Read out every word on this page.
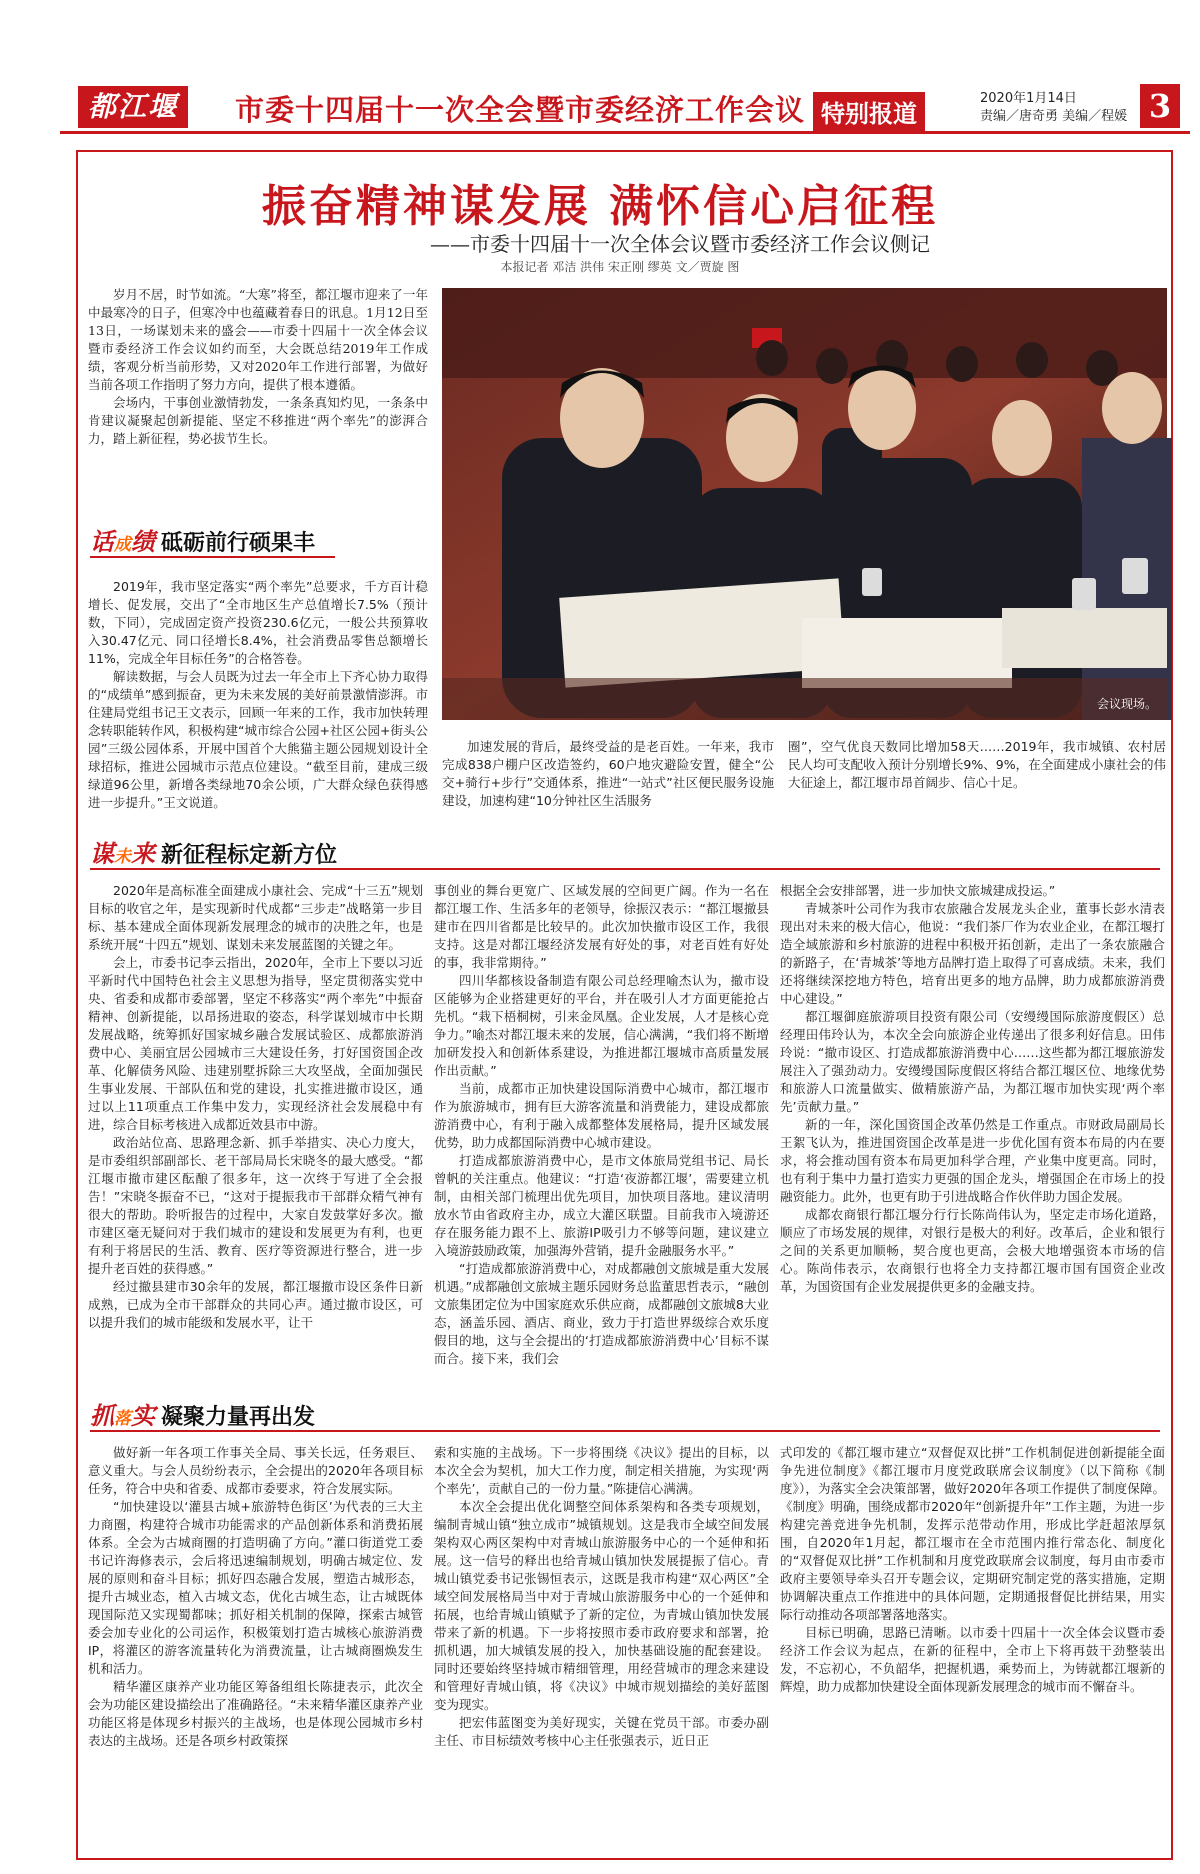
都江堰报
市委十四届十一次全会暨市委经济工作会议 特别报道
2020年1月14日
责编／唐奇勇 美编／程媛 3
振奋精神谋发展 满怀信心启征程
——市委十四届十一次全体会议暨市委经济工作会议侧记
本报记者 邓洁 洪伟 宋正刚 缪英 文／贾旋 图

岁月不居，时节如流。“大寒”将至，都江堰市迎来了一年中最寒冷的日子，但寒冷中也蕴藏着春日的讯息。1月12日至13日，一场谋划未来的盛会——市委十四届十一次全体会议暨市委经济工作会议如约而至，大会既总结2019年工作成绩，客观分析当前形势，又对2020年工作进行部署，为做好当前各项工作指明了努力方向，提供了根本遵循。

会场内，干事创业激情勃发，一条条真知灼见，一条条中肯建议凝聚起创新提能、坚定不移推进“两个率先”的澎湃合力，踏上新征程，势必拔节生长。

会议现场。
话成绩 砥砺前行硕果丰

2019年，我市坚定落实“两个率先”总要求，千方百计稳增长、促发展，交出了“全市地区生产总值增长7.5%（预计数，下同），完成固定资产投资230.6亿元，一般公共预算收入30.47亿元、同口径增长8.4%，社会消费品零售总额增长11%，完成全年目标任务”的合格答卷。

解读数据，与会人员既为过去一年全市上下齐心协力取得的“成绩单”感到振奋，更为未来发展的美好前景激情澎湃。市住建局党组书记王文表示，回顾一年来的工作，我市加快转理念转职能转作风，积极构建“城市综合公园+社区公园+街头公园”三级公园体系，开展中国首个大熊猫主题公园规划设计全球招标，推进公园城市示范点位建设。“截至目前，建成三级绿道96公里，新增各类绿地70余公顷，广大群众绿色获得感进一步提升。”王文说道。

加速发展的背后，最终受益的是老百姓。一年来，我市完成838户棚户区改造签约，60户地灾避险安置，健全“公交+骑行+步行”交通体系，推进“一站式”社区便民服务设施建设，加速构建“10分钟社区生活服务

圈”，空气优良天数同比增加58天……2019年，我市城镇、农村居民人均可支配收入预计分别增长9%、9%，在全面建成小康社会的伟大征途上，都江堰市昂首阔步、信心十足。

谋未来 新征程标定新方位

2020年是高标准全面建成小康社会、完成“十三五”规划目标的收官之年，是实现新时代成都“三步走”战略第一步目标、基本建成全面体现新发展理念的城市的决胜之年，也是系统开展“十四五”规划、谋划未来发展蓝图的关键之年。

会上，市委书记李云指出，2020年，全市上下要以习近平新时代中国特色社会主义思想为指导，坚定贯彻落实党中央、省委和成都市委部署，坚定不移落实“两个率先”中振奋精神、创新提能，以昂扬进取的姿态，科学谋划城市中长期发展战略，统筹抓好国家城乡融合发展试验区、成都旅游消费中心、美丽宜居公园城市三大建设任务，打好国资国企改革、化解债务风险、违建别墅拆除三大攻坚战，全面加强民生事业发展、干部队伍和党的建设，扎实推进撤市设区，通过以上11项重点工作集中发力，实现经济社会发展稳中有进，综合目标考核进入成都近效县市中游。

政治站位高、思路理念新、抓手举措实、决心力度大，是市委组织部副部长、老干部局局长宋晓冬的最大感受。“都江堰市撤市建区酝酿了很多年，这一次终于写进了全会报告！”宋晓冬振奋不已，“这对于提振我市干部群众精气神有很大的帮助。聆听报告的过程中，大家自发鼓掌好多次。撤市建区毫无疑问对于我们城市的建设和发展更为有利，也更有利于将居民的生活、教育、医疗等资源进行整合，进一步提升老百姓的获得感。”

经过撤县建市30余年的发展，都江堰撤市设区条件日新成熟，已成为全市干部群众的共同心声。通过撤市设区，可以提升我们的城市能级和发展水平，让干

事创业的舞台更宽广、区域发展的空间更广阔。作为一名在都江堰工作、生活多年的老领导，徐振汉表示：“都江堰撤县建市在四川省都是比较早的。此次加快撤市设区工作，我很支持。这是对都江堰经济发展有好处的事，对老百姓有好处的事，我非常期待。”

四川华都核设备制造有限公司总经理喻杰认为，撤市设区能够为企业搭建更好的平台，并在吸引人才方面更能抢占先机。“栽下梧桐树，引来金凤凰。企业发展，人才是核心竞争力。”喻杰对都江堰未来的发展，信心满满，“我们将不断增加研发投入和创新体系建设，为推进都江堰城市高质量发展作出贡献。”

当前，成都市正加快建设国际消费中心城市，都江堰市作为旅游城市，拥有巨大游客流量和消费能力，建设成都旅游消费中心，有利于融入成都整体发展格局，提升区域发展优势，助力成都国际消费中心城市建设。

打造成都旅游消费中心，是市文体旅局党组书记、局长曾帆的关注重点。他建议：“打造‘夜游都江堰’，需要建立机制，由相关部门梳理出优先项目，加快项目落地。建议清明放水节由省政府主办，成立大灌区联盟。目前我市入境游还存在服务能力跟不上、旅游IP吸引力不够等问题，建议建立入境游鼓励政策，加强海外营销，提升金融服务水平。”

“打造成都旅游消费中心，对成都融创文旅城是重大发展机遇。”成都融创文旅城主题乐园财务总监董思哲表示，“融创文旅集团定位为中国家庭欢乐供应商，成都融创文旅城8大业态，涵盖乐园、酒店、商业，致力于打造世界级综合欢乐度假目的地，这与全会提出的‘打造成都旅游消费中心’目标不谋而合。接下来，我们会

根据全会安排部署，进一步加快文旅城建成投运。”

青城茶叶公司作为我市农旅融合发展龙头企业，董事长彭水清表现出对未来的极大信心，他说：“我们茶厂作为农业企业，在都江堰打造全域旅游和乡村旅游的进程中积极开拓创新，走出了一条农旅融合的新路子，在‘青城茶’等地方品牌打造上取得了可喜成绩。未来，我们还将继续深挖地方特色，培育出更多的地方品牌，助力成都旅游消费中心建设。”

都江堰御庭旅游项目投资有限公司（安缦缦国际旅游度假区）总经理田伟玲认为，本次全会向旅游企业传递出了很多利好信息。田伟玲说：“撤市设区、打造成都旅游消费中心……这些都为都江堰旅游发展注入了强劲动力。安缦缦国际度假区将结合都江堰区位、地缘优势和旅游人口流量做实、做精旅游产品，为都江堰市加快实现‘两个率先’贡献力量。”

新的一年，深化国资国企改革仍然是工作重点。市财政局副局长王絮飞认为，推进国资国企改革是进一步优化国有资本布局的内在要求，将会推动国有资本布局更加科学合理，产业集中度更高。同时，也有利于集中力量打造实力更强的国企龙头，增强国企在市场上的投融资能力。此外，也更有助于引进战略合作伙伴助力国企发展。

成都农商银行都江堰分行行长陈尚伟认为，坚定走市场化道路，顺应了市场发展的规律，对银行是极大的利好。改革后，企业和银行之间的关系更加顺畅，契合度也更高，会极大地增强资本市场的信心。陈尚伟表示，农商银行也将全力支持都江堰市国有国资企业改革，为国资国有企业发展提供更多的金融支持。

抓落实 凝聚力量再出发

做好新一年各项工作事关全局、事关长远，任务艰巨、意义重大。与会人员纷纷表示，全会提出的2020年各项目标任务，符合中央和省委、成都市委要求，符合发展实际。

“加快建设以‘灌县古城+旅游特色街区’为代表的三大主力商圈，构建符合城市功能需求的产品创新体系和消费拓展体系。全会为古城商圈的打造明确了方向。”灌口街道党工委书记许海修表示，会后将迅速编制规划，明确古城定位、发展的原则和奋斗目标；抓好四态融合发展，塑造古城形态，提升古城业态，植入古城文态，优化古城生态，让古城既体现国际范又实现蜀都味；抓好相关机制的保障，探索古城管委会加专业化的公司运作，积极策划打造古城核心旅游消费IP，将灌区的游客流量转化为消费流量，让古城商圈焕发生机和活力。

精华灌区康养产业功能区筹备组组长陈捷表示，此次全会为功能区建设描绘出了准确路径。“未来精华灌区康养产业功能区将是体现乡村振兴的主战场，也是体现公园城市乡村表达的主战场。还是各项乡村政策探

索和实施的主战场。下一步将围绕《决议》提出的目标，以本次全会为契机，加大工作力度，制定相关措施，为实现‘两个率先’，贡献自己的一份力量。”陈捷信心满满。

本次全会提出优化调整空间体系架构和各类专项规划，编制青城山镇“独立成市”城镇规划。这是我市全域空间发展架构双心两区架构中对青城山旅游服务中心的一个延伸和拓展。这一信号的释出也给青城山镇加快发展提振了信心。青城山镇党委书记张锡恒表示，这既是我市构建“双心两区”全域空间发展格局当中对于青城山旅游服务中心的一个延伸和拓展，也给青城山镇赋予了新的定位，为青城山镇加快发展带来了新的机遇。下一步将按照市委市政府要求和部署，抢抓机遇，加大城镇发展的投入，加快基础设施的配套建设。同时还要始终坚持城市精细管理，用经营城市的理念来建设和管理好青城山镇，将《决议》中城市规划描绘的美好蓝图变为现实。

把宏伟蓝图变为美好现实，关键在党员干部。市委办副主任、市目标绩效考核中心主任张强表示，近日正

式印发的《都江堰市建立“双督促双比拼”工作机制促进创新提能全面争先进位制度》《都江堰市月度党政联席会议制度》（以下简称《制度》），为落实全会决策部署，做好2020年各项工作提供了制度保障。《制度》明确，围绕成都市2020年“创新提升年”工作主题，为进一步构建完善竞进争先机制，发挥示范带动作用，形成比学赶超浓厚氛围，自2020年1月起，都江堰市在全市范围内推行常态化、制度化的“双督促双比拼”工作机制和月度党政联席会议制度，每月由市委市政府主要领导牵头召开专题会议，定期研究制定党的落实措施，定期协调解决重点工作推进中的具体问题，定期通报督促比拼结果，用实际行动推动各项部署落地落实。

目标已明确，思路已清晰。以市委十四届十一次全体会议暨市委经济工作会议为起点，在新的征程中，全市上下将再鼓干劲整装出发，不忘初心，不负韶华，把握机遇，乘势而上，为铸就都江堰新的辉煌，助力成都加快建设全面体现新发展理念的城市而不懈奋斗。
